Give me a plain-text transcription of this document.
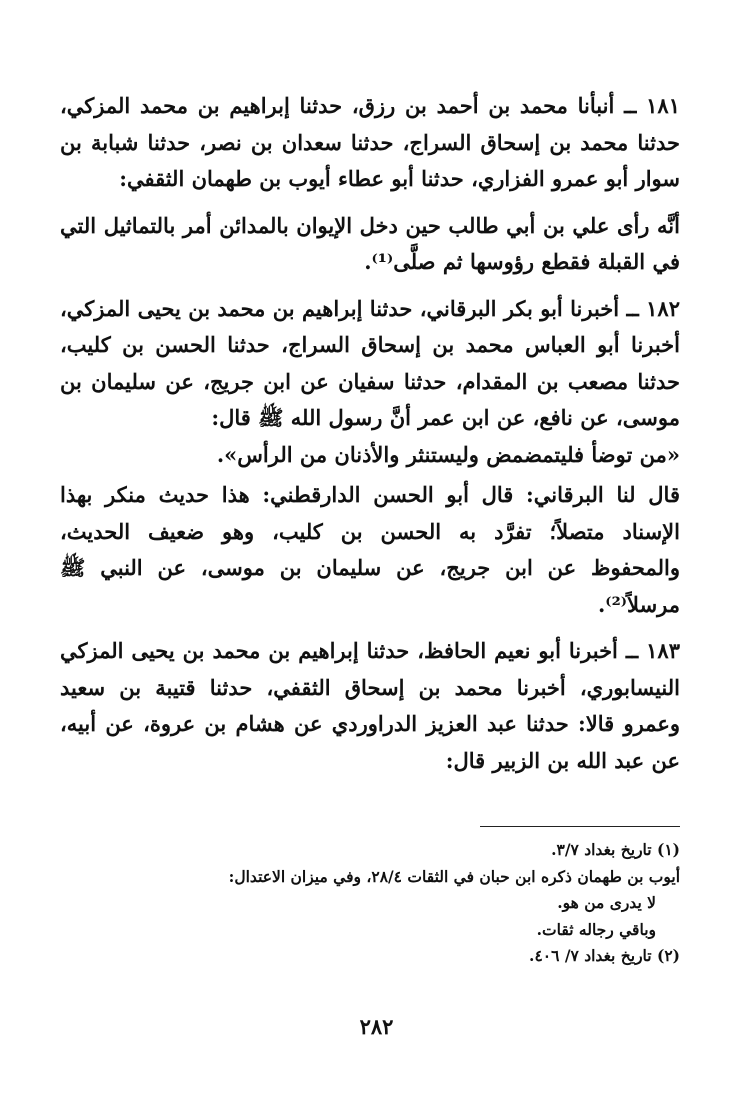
١٨١ ــ أنبأنا محمد بن أحمد بن رزق، حدثنا إبراهيم بن محمد المزكي، حدثنا محمد بن إسحاق السراج، حدثنا سعدان بن نصر، حدثنا شبابة بن سوار أبو عمرو الفزاري، حدثنا أبو عطاء أيوب بن طهمان الثقفي:

أنَّه رأى علي بن أبي طالب حين دخل الإيوان بالمدائن أمر بالتماثيل التي في القبلة فقطع رؤوسها ثم صلَّى⁽¹⁾.

١٨٢ ــ أخبرنا أبو بكر البرقاني، حدثنا إبراهيم بن محمد بن يحيى المزكي، أخبرنا أبو العباس محمد بن إسحاق السراج، حدثنا الحسن بن كليب، حدثنا مصعب بن المقدام، حدثنا سفيان عن ابن جريج، عن سليمان بن موسى، عن نافع، عن ابن عمر أنَّ رسول الله ﷺ قال:

«من توضأ فليتمضمض وليستنثر والأذنان من الرأس».

قال لنا البرقاني: قال أبو الحسن الدارقطني: هذا حديث منكر بهذا الإسناد متصلاً؛ تفرَّد به الحسن بن كليب، وهو ضعيف الحديث، والمحفوظ عن ابن جريج، عن سليمان بن موسى، عن النبي ﷺ مرسلاً⁽²⁾.

١٨٣ ــ أخبرنا أبو نعيم الحافظ، حدثنا إبراهيم بن محمد بن يحيى المزكي النيسابوري، أخبرنا محمد بن إسحاق الثقفي، حدثنا قتيبة بن سعيد وعمرو قالا: حدثنا عبد العزيز الدراوردي عن هشام بن عروة، عن أبيه، عن عبد الله بن الزبير قال:

(١) تاريخ بغداد ٣/٧.
أيوب بن طهمان ذكره ابن حبان في الثقات ٢٨/٤، وفي ميزان الاعتدال:
لا يدرى من هو.
وباقي رجاله ثقات.
(٢) تاريخ بغداد ٧/ ٤٠٦.
٢٨٢
